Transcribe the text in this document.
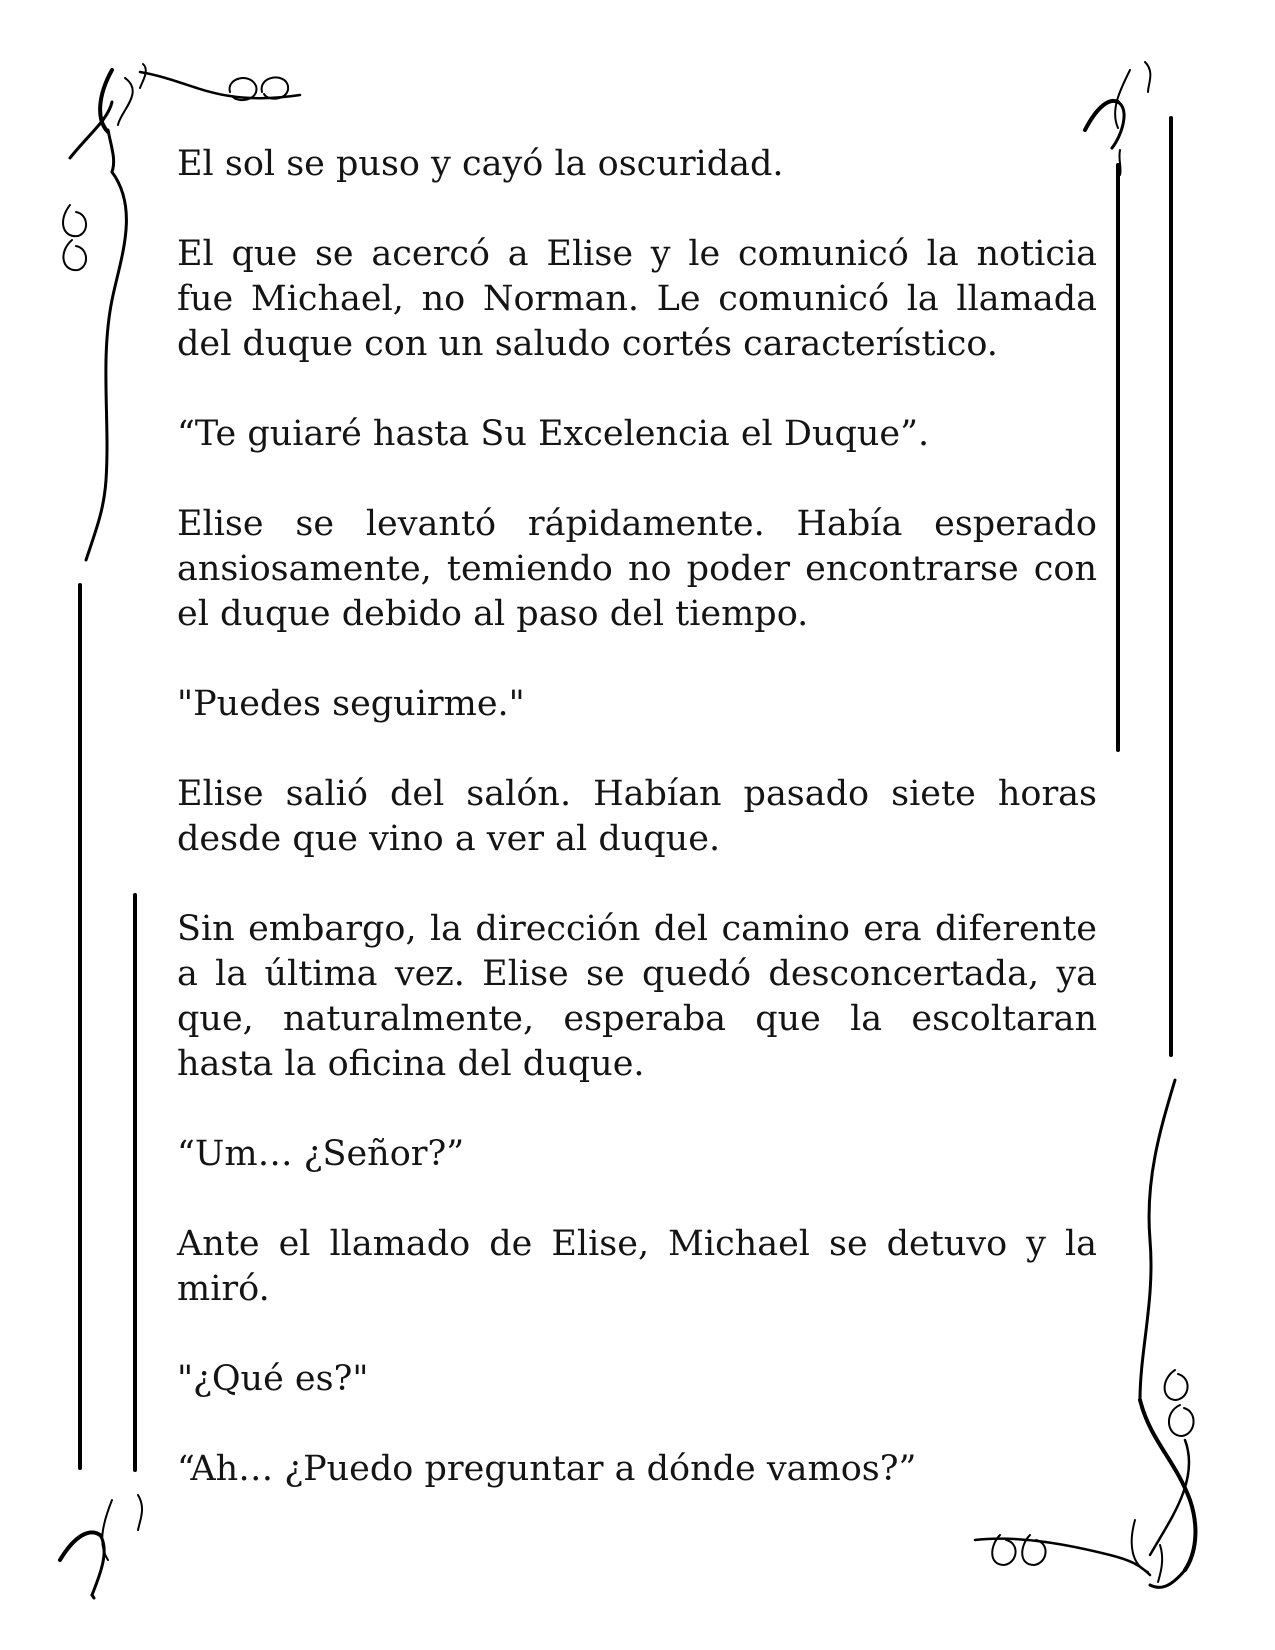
El sol se puso y cayó la oscuridad.

El que se acercó a Elise y le comunicó la noticia fue Michael, no Norman. Le comunicó la llamada del duque con un saludo cortés característico.

“Te guiaré hasta Su Excelencia el Duque”.

Elise se levantó rápidamente. Había esperado ansiosamente, temiendo no poder encontrarse con el duque debido al paso del tiempo.

"Puedes seguirme."

Elise salió del salón. Habían pasado siete horas desde que vino a ver al duque.

Sin embargo, la dirección del camino era diferente a la última vez. Elise se quedó desconcertada, ya que, naturalmente, esperaba que la escoltaran hasta la oficina del duque.

“Um… ¿Señor?”

Ante el llamado de Elise, Michael se detuvo y la miró.

"¿Qué es?"

“Ah… ¿Puedo preguntar a dónde vamos?”
